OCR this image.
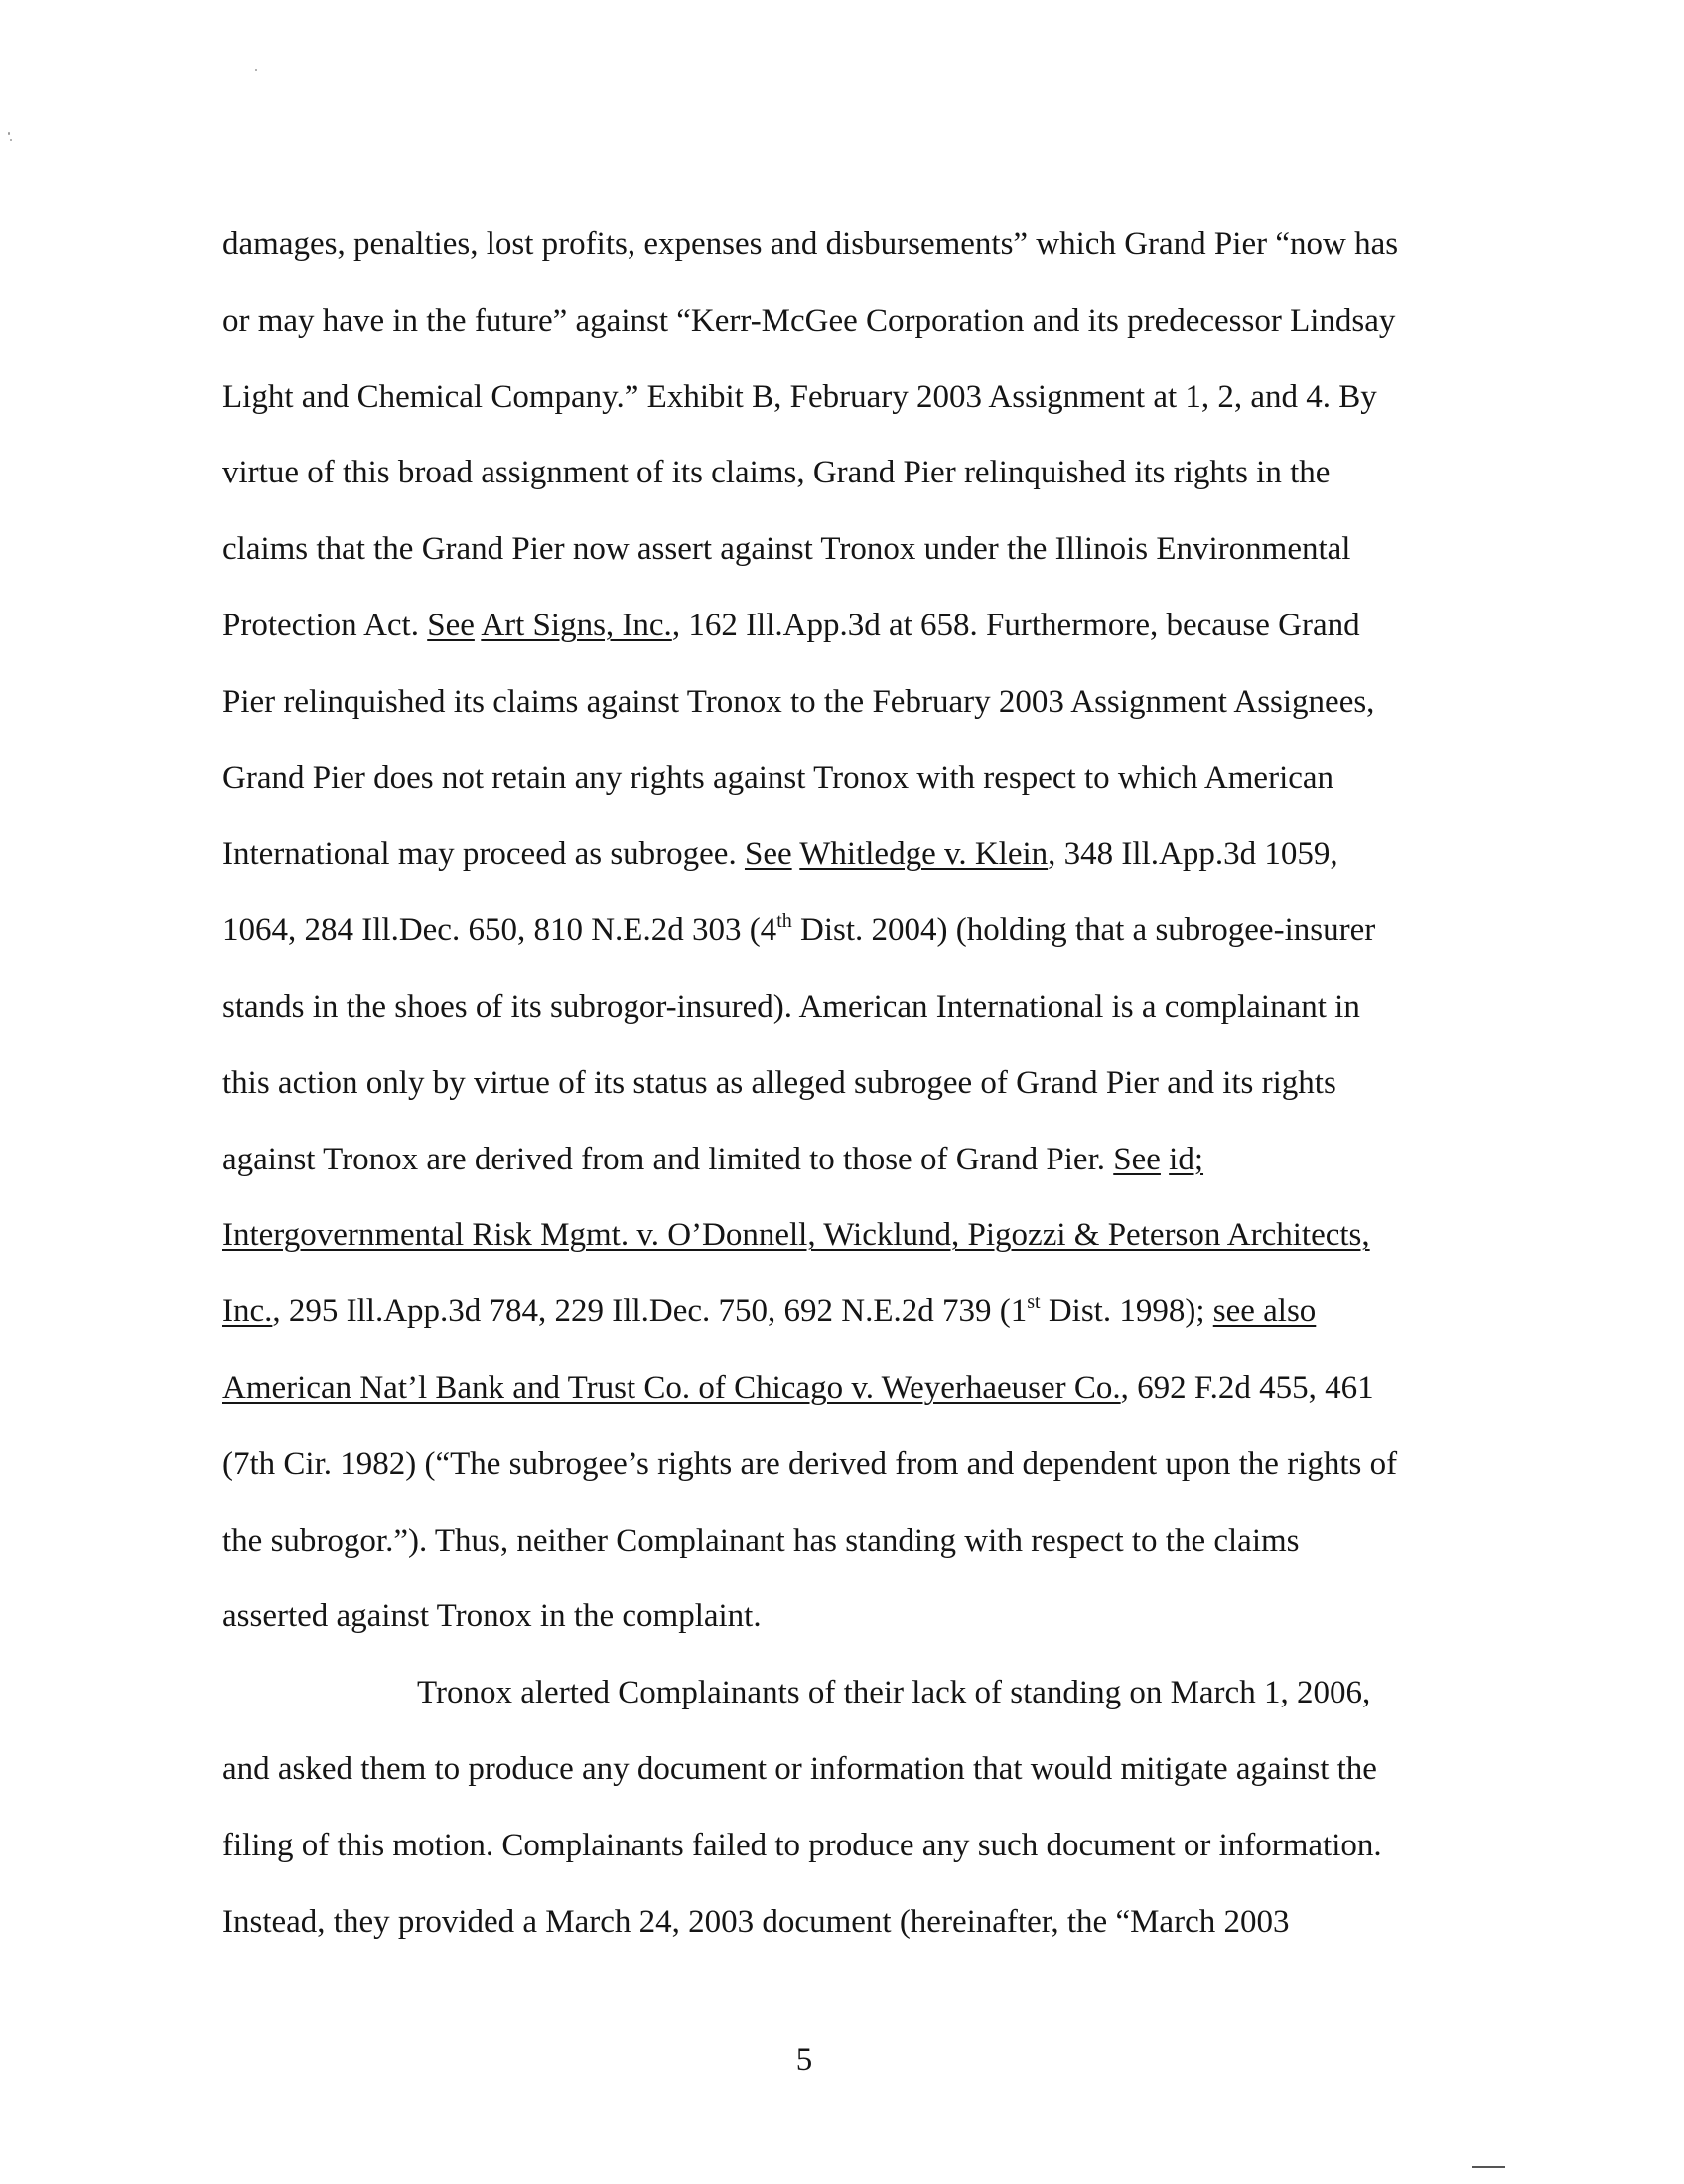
damages, penalties, lost profits, expenses and disbursements” which Grand Pier “now has
or may have in the future” against “Kerr-McGee Corporation and its predecessor Lindsay
Light and Chemical Company.” Exhibit B, February 2003 Assignment at 1, 2, and 4. By
virtue of this broad assignment of its claims, Grand Pier relinquished its rights in the
claims that the Grand Pier now assert against Tronox under the Illinois Environmental
Protection Act. See Art Signs, Inc., 162 Ill.App.3d at 658. Furthermore, because Grand
Pier relinquished its claims against Tronox to the February 2003 Assignment Assignees,
Grand Pier does not retain any rights against Tronox with respect to which American
International may proceed as subrogee. See Whitledge v. Klein, 348 Ill.App.3d 1059,
1064, 284 Ill.Dec. 650, 810 N.E.2d 303 (4th Dist. 2004) (holding that a subrogee-insurer
stands in the shoes of its subrogor-insured). American International is a complainant in
this action only by virtue of its status as alleged subrogee of Grand Pier and its rights
against Tronox are derived from and limited to those of Grand Pier. See id;
Intergovernmental Risk Mgmt. v. O’Donnell, Wicklund, Pigozzi & Peterson Architects,
Inc., 295 Ill.App.3d 784, 229 Ill.Dec. 750, 692 N.E.2d 739 (1st Dist. 1998); see also
American Nat’l Bank and Trust Co. of Chicago v. Weyerhaeuser Co., 692 F.2d 455, 461
(7th Cir. 1982) (“The subrogee’s rights are derived from and dependent upon the rights of
the subrogor.”). Thus, neither Complainant has standing with respect to the claims
asserted against Tronox in the complaint.
Tronox alerted Complainants of their lack of standing on March 1, 2006,
and asked them to produce any document or information that would mitigate against the
filing of this motion. Complainants failed to produce any such document or information.
Instead, they provided a March 24, 2003 document (hereinafter, the “March 2003
5
